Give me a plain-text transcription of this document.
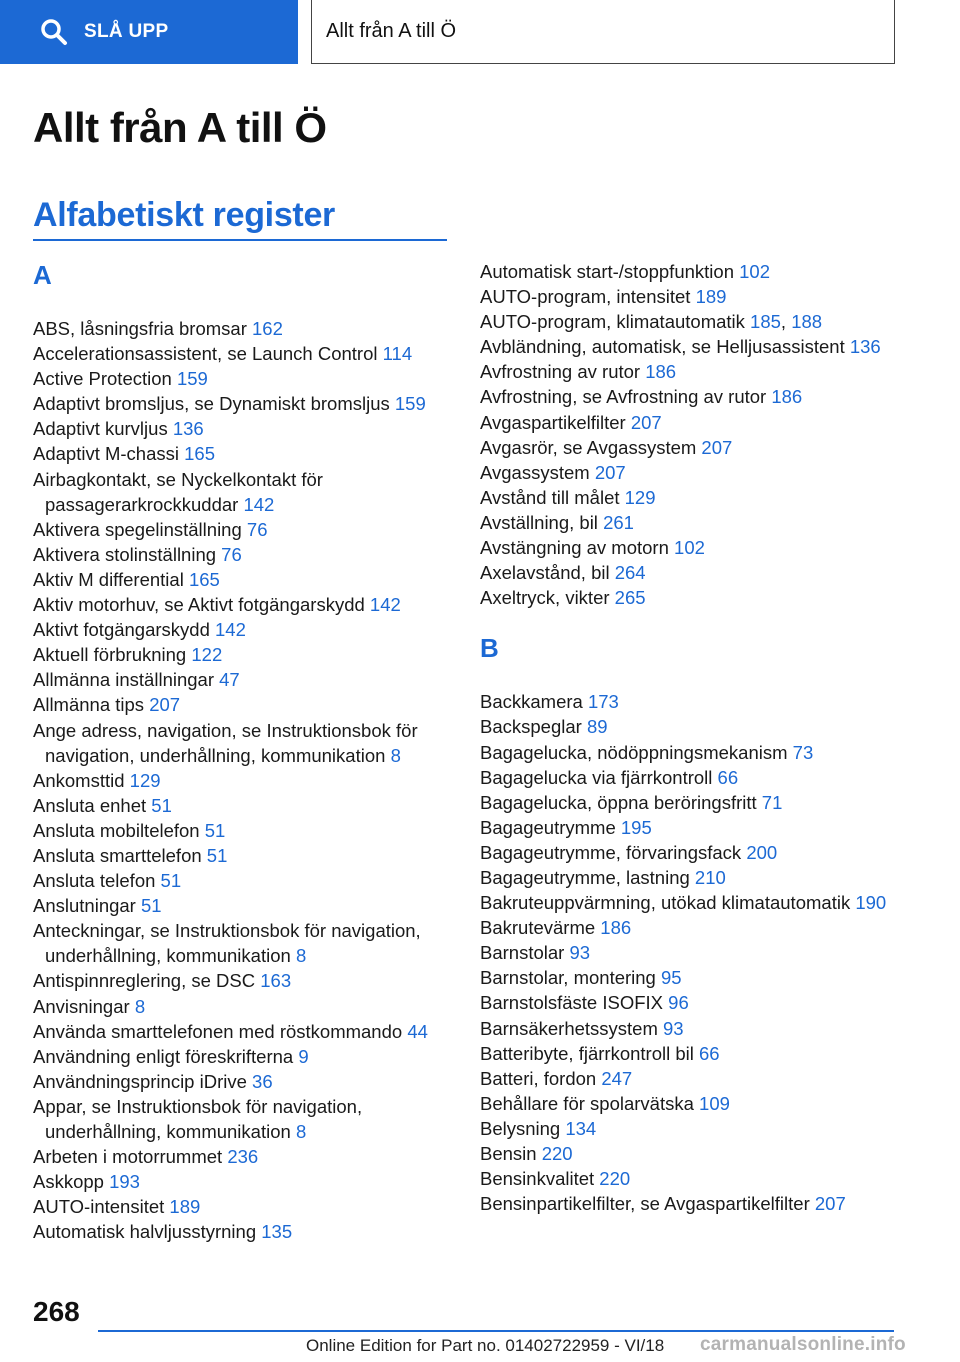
SLÅ UPP	Allt från A till Ö
Allt från A till Ö
Alfabetiskt register
A

ABS, låsningsfria bromsar 162

Accelerationsassistent, se Launch Control 114

Active Protection 159

Adaptivt bromsljus, se Dynamiskt bromsljus 159

Adaptivt kurvljus 136

Adaptivt M-chassi 165

Airbagkontakt, se Nyckelkontakt för passagerarkrockkuddar 142

Aktivera spegelinställning 76

Aktivera stolinställning 76

Aktiv M differential 165

Aktiv motorhuv, se Aktivt fotgängarskydd 142

Aktivt fotgängarskydd 142

Aktuell förbrukning 122

Allmänna inställningar 47

Allmänna tips 207

Ange adress, navigation, se Instruktionsbok för navigation, underhållning, kommunikation 8

Ankomsttid 129

Ansluta enhet 51

Ansluta mobiltelefon 51

Ansluta smarttelefon 51

Ansluta telefon 51

Anslutningar 51

Anteckningar, se Instruktionsbok för navigation, underhållning, kommunikation 8

Antispinnreglering, se DSC 163

Anvisningar 8

Använda smarttelefonen med röstkommando 44

Användning enligt föreskrifterna 9

Användningsprincip iDrive 36

Appar, se Instruktionsbok för navigation, underhållning, kommunikation 8

Arbeten i motorrummet 236

Askkopp 193

AUTO-intensitet 189

Automatisk halvljusstyrning 135

Automatisk start-/stoppfunktion 102

AUTO-program, intensitet 189

AUTO-program, klimatautomatik 185, 188

Avbländning, automatisk, se Helljusassistent 136

Avfrostning av rutor 186

Avfrostning, se Avfrostning av rutor 186

Avgaspartikelfilter 207

Avgasrör, se Avgassystem 207

Avgassystem 207

Avstånd till målet 129

Avställning, bil 261

Avstängning av motorn 102

Axelavstånd, bil 264

Axeltryck, vikter 265

B

Backkamera 173

Backspeglar 89

Bagagelucka, nödöppningsmekanism 73

Bagagelucka via fjärrkontroll 66

Bagagelucka, öppna beröringsfritt 71

Bagageutrymme 195

Bagageutrymme, förvaringsfack 200

Bagageutrymme, lastning 210

Bakruteuppvärmning, utökad klimatautomatik 190

Bakrutevärme 186

Barnstolar 93

Barnstolar, montering 95

Barnstolsfäste ISOFIX 96

Barnsäkerhetssystem 93

Batteribyte, fjärrkontroll bil 66

Batteri, fordon 247

Behållare för spolarvätska 109

Belysning 134

Bensin 220

Bensinkvalitet 220

Bensinpartikelfilter, se Avgaspartikelfilter 207

268
Online Edition for Part no. 01402722959 - VI/18 carmanualsonline.info
